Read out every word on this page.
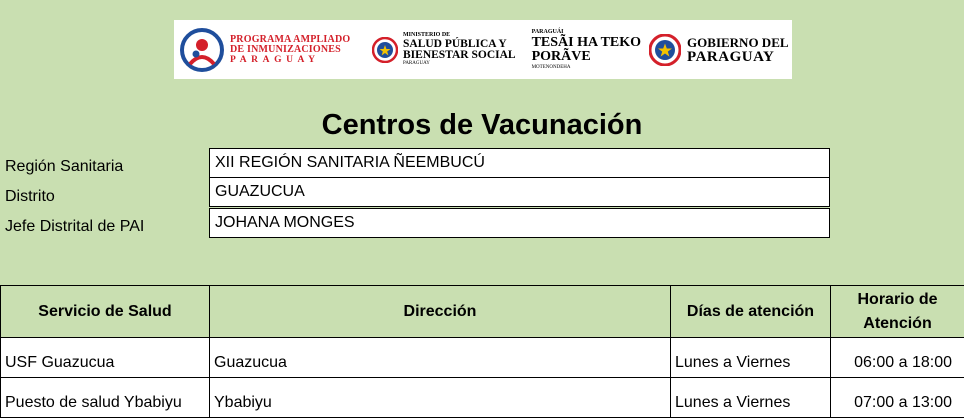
PROGRAMA AMPLIADO
DE INMUNIZACIONES
PARAGUAY
MINISTERIO DE
SALUD PÚBLICA Y
BIENESTAR SOCIAL
PARAGUAY
PARAGUÁI
TESÃI HA TEKO
PORÃVE
MOTENONDEHA
GOBIERNO DEL
PARAGUAY
Centros de Vacunación
Región Sanitaria	XII REGIÓN SANITARIA ÑEEMBUCÚ
Distrito	GUAZUCUA
Jefe Distrital de PAI	JOHANA MONGES
Servicio de Salud	Dirección	Días de atención	Horario de Atención
USF Guazucua	Guazucua	Lunes a Viernes	06:00 a 18:00
Puesto de salud Ybabiyu	Ybabiyu	Lunes a Viernes	07:00 a 13:00
